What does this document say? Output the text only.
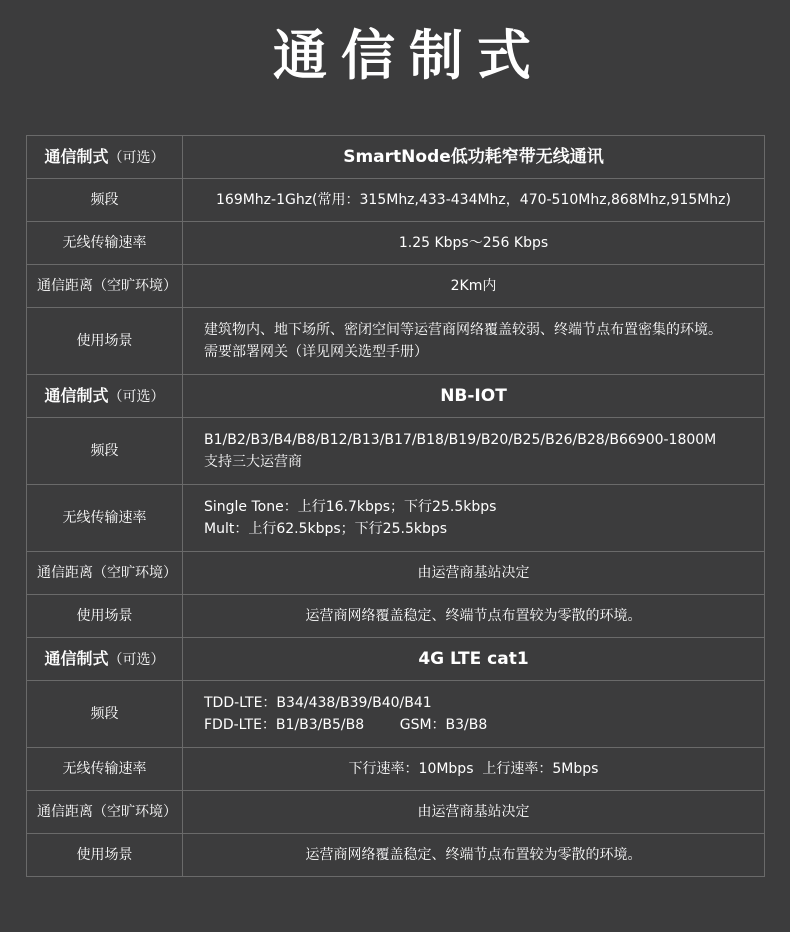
通信制式
通信制式（可选）	SmartNode低功耗窄带无线通讯
频段	169Mhz-1Ghz(常用：315Mhz,433-434Mhz，470-510Mhz,868Mhz,915Mhz)

无线传输速率	1.25 Kbps～256 Kbps

通信距离（空旷环境）	2Km内

使用场景	建筑物内、地下场所、密闭空间等运营商网络覆盖较弱、终端节点布置密集的环境。
需要部署网关（详见网关选型手册）

通信制式（可选）	NB-IOT
频段	B1/B2/B3/B4/B8/B12/B13/B17/B18/B19/B20/B25/B26/B28/B66900-1800M
支持三大运营商

无线传输速率	Single Tone：上行16.7kbps；下行25.5kbps
Mult：上行62.5kbps；下行25.5kbps

通信距离（空旷环境）	由运营商基站决定

使用场景	运营商网络覆盖稳定、终端节点布置较为零散的环境。

通信制式（可选）	4G LTE cat1
频段	TDD-LTE：B34/438/B39/B40/B41
FDD-LTE：B1/B3/B5/B8        GSM：B3/B8

无线传输速率	下行速率：10Mbps  上行速率：5Mbps

通信距离（空旷环境）	由运营商基站决定

使用场景	运营商网络覆盖稳定、终端节点布置较为零散的环境。
